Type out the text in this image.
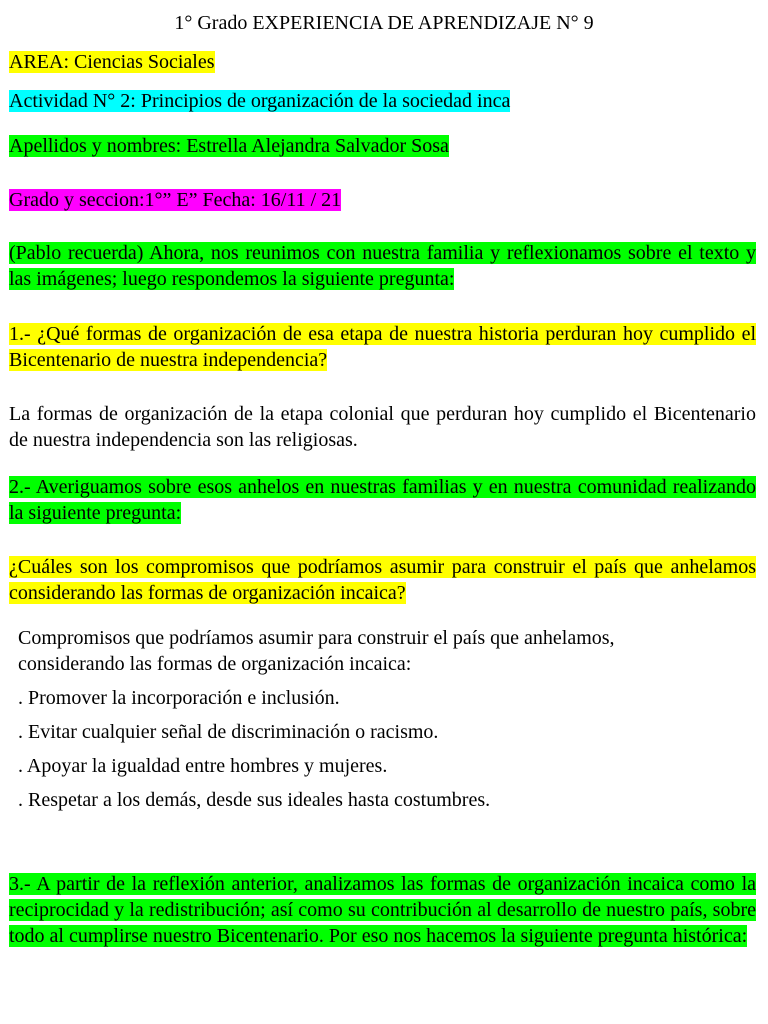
1° Grado EXPERIENCIA DE APRENDIZAJE N° 9
AREA: Ciencias Sociales
Actividad N° 2: Principios de organización de la sociedad inca
Apellidos y nombres: Estrella Alejandra Salvador Sosa
Grado y seccion:1°” E” Fecha: 16/11 / 21
(Pablo recuerda) Ahora, nos reunimos con nuestra familia y reflexionamos sobre el texto y las imágenes; luego respondemos la siguiente pregunta:
1.- ¿Qué formas de organización de esa etapa de nuestra historia perduran hoy cumplido el Bicentenario de nuestra independencia?
La formas de organización de la etapa colonial que perduran hoy cumplido el Bicentenario de nuestra independencia son las religiosas.
2.- Averiguamos sobre esos anhelos en nuestras familias y en nuestra comunidad realizando la siguiente pregunta:
¿Cuáles son los compromisos que podríamos asumir para construir el país que anhelamos considerando las formas de organización incaica?
Compromisos que podríamos asumir para construir el país que anhelamos,
considerando las formas de organización incaica:
. Promover la incorporación e inclusión.
. Evitar cualquier señal de discriminación o racismo.
. Apoyar la igualdad entre hombres y mujeres.
. Respetar a los demás, desde sus ideales hasta costumbres.
3.- A partir de la reflexión anterior, analizamos las formas de organización incaica como la reciprocidad y la redistribución; así como su contribución al desarrollo de nuestro país, sobre todo al cumplirse nuestro Bicentenario. Por eso nos hacemos la siguiente pregunta histórica:
